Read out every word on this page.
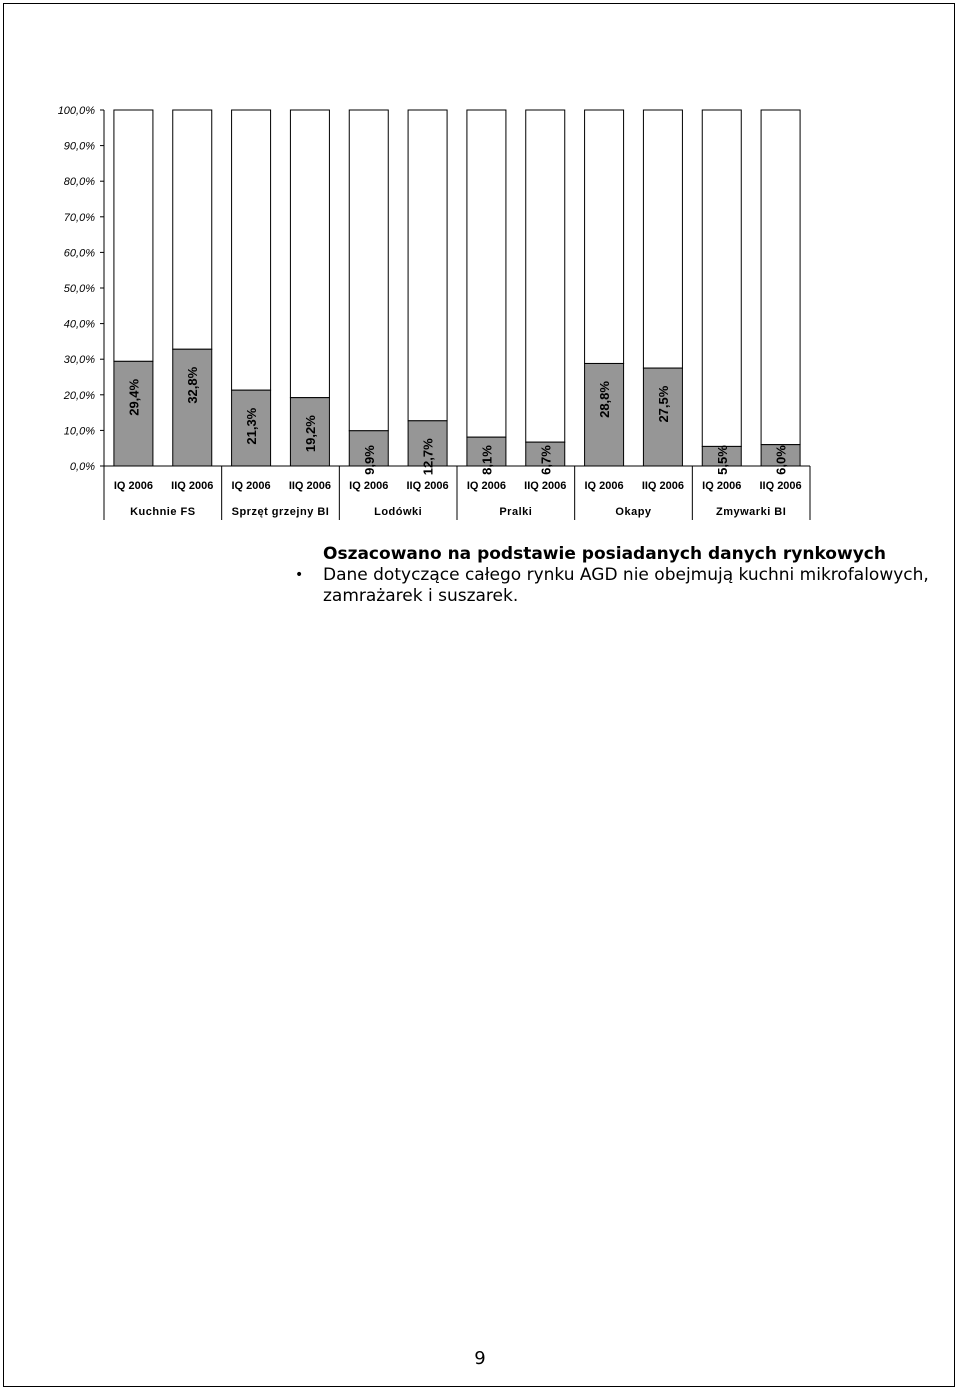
0,0%
10,0%
20,0%
30,0%
40,0%
50,0%
60,0%
70,0%
80,0%
90,0%
100,0%
29,4%
IQ 2006
32,8%
IIQ 2006
21,3%
IQ 2006
19,2%
IIQ 2006
9,9%
IQ 2006
12,7%
IIQ 2006
8,1%
IQ 2006
6,7%
IIQ 2006
28,8%
IQ 2006
27,5%
IIQ 2006
5,5%
IQ 2006
6,0%
IIQ 2006
Kuchnie FS	Sprzęt grzejny BI	Lodówki	Pralki	Okapy	Zmywarki BI
Oszacowano na podstawie posiadanych danych rynkowych
•	Dane dotyczące całego rynku AGD nie obejmują kuchni mikrofalowych, zamrażarek i suszarek.
9
